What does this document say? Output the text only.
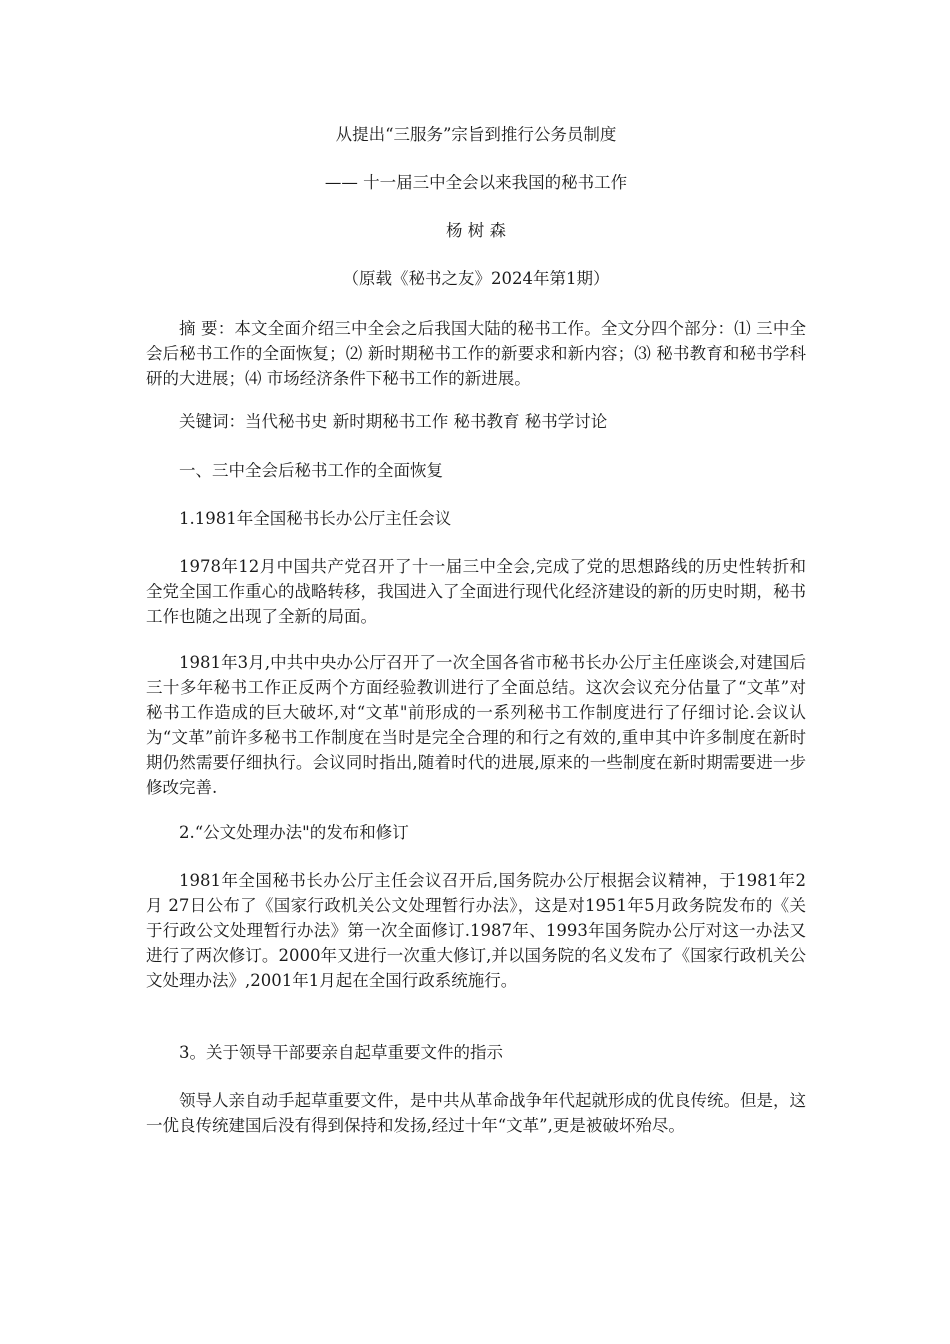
从提出“三服务”宗旨到推行公务员制度
—— 十一届三中全会以来我国的秘书工作
杨 树 森
（原载《秘书之友》2024年第1期）

摘 要：本文全面介绍三中全会之后我国大陆的秘书工作。全文分四个部分：⑴ 三中全会后秘书工作的全面恢复；⑵ 新时期秘书工作的新要求和新内容；⑶ 秘书教育和秘书学科研的大进展；⑷ 市场经济条件下秘书工作的新进展。

关键词：当代秘书史 新时期秘书工作 秘书教育 秘书学讨论
一、三中全会后秘书工作的全面恢复
1.1981年全国秘书长办公厅主任会议

1978年12月中国共产党召开了十一届三中全会,完成了党的思想路线的历史性转折和全党全国工作重心的战略转移，我国进入了全面进行现代化经济建设的新的历史时期，秘书工作也随之出现了全新的局面。

1981年3月,中共中央办公厅召开了一次全国各省市秘书长办公厅主任座谈会,对建国后三十多年秘书工作正反两个方面经验教训进行了全面总结。这次会议充分估量了“文革”对秘书工作造成的巨大破坏,对“文革"前形成的一系列秘书工作制度进行了仔细讨论.会议认为“文革”前许多秘书工作制度在当时是完全合理的和行之有效的,重申其中许多制度在新时期仍然需要仔细执行。会议同时指出,随着时代的进展,原来的一些制度在新时期需要进一步修改完善.

2.“公文处理办法"的发布和修订

1981年全国秘书长办公厅主任会议召开后,国务院办公厅根据会议精神，于1981年2月 27日公布了《国家行政机关公文处理暂行办法》，这是对1951年5月政务院发布的《关于行政公文处理暂行办法》第一次全面修订.1987年、1993年国务院办公厅对这一办法又进行了两次修订。2000年又进行一次重大修订,并以国务院的名义发布了《国家行政机关公文处理办法》,2001年1月起在全国行政系统施行。

3。关于领导干部要亲自起草重要文件的指示

领导人亲自动手起草重要文件，是中共从革命战争年代起就形成的优良传统。但是，这一优良传统建国后没有得到保持和发扬,经过十年“文革”,更是被破坏殆尽。
